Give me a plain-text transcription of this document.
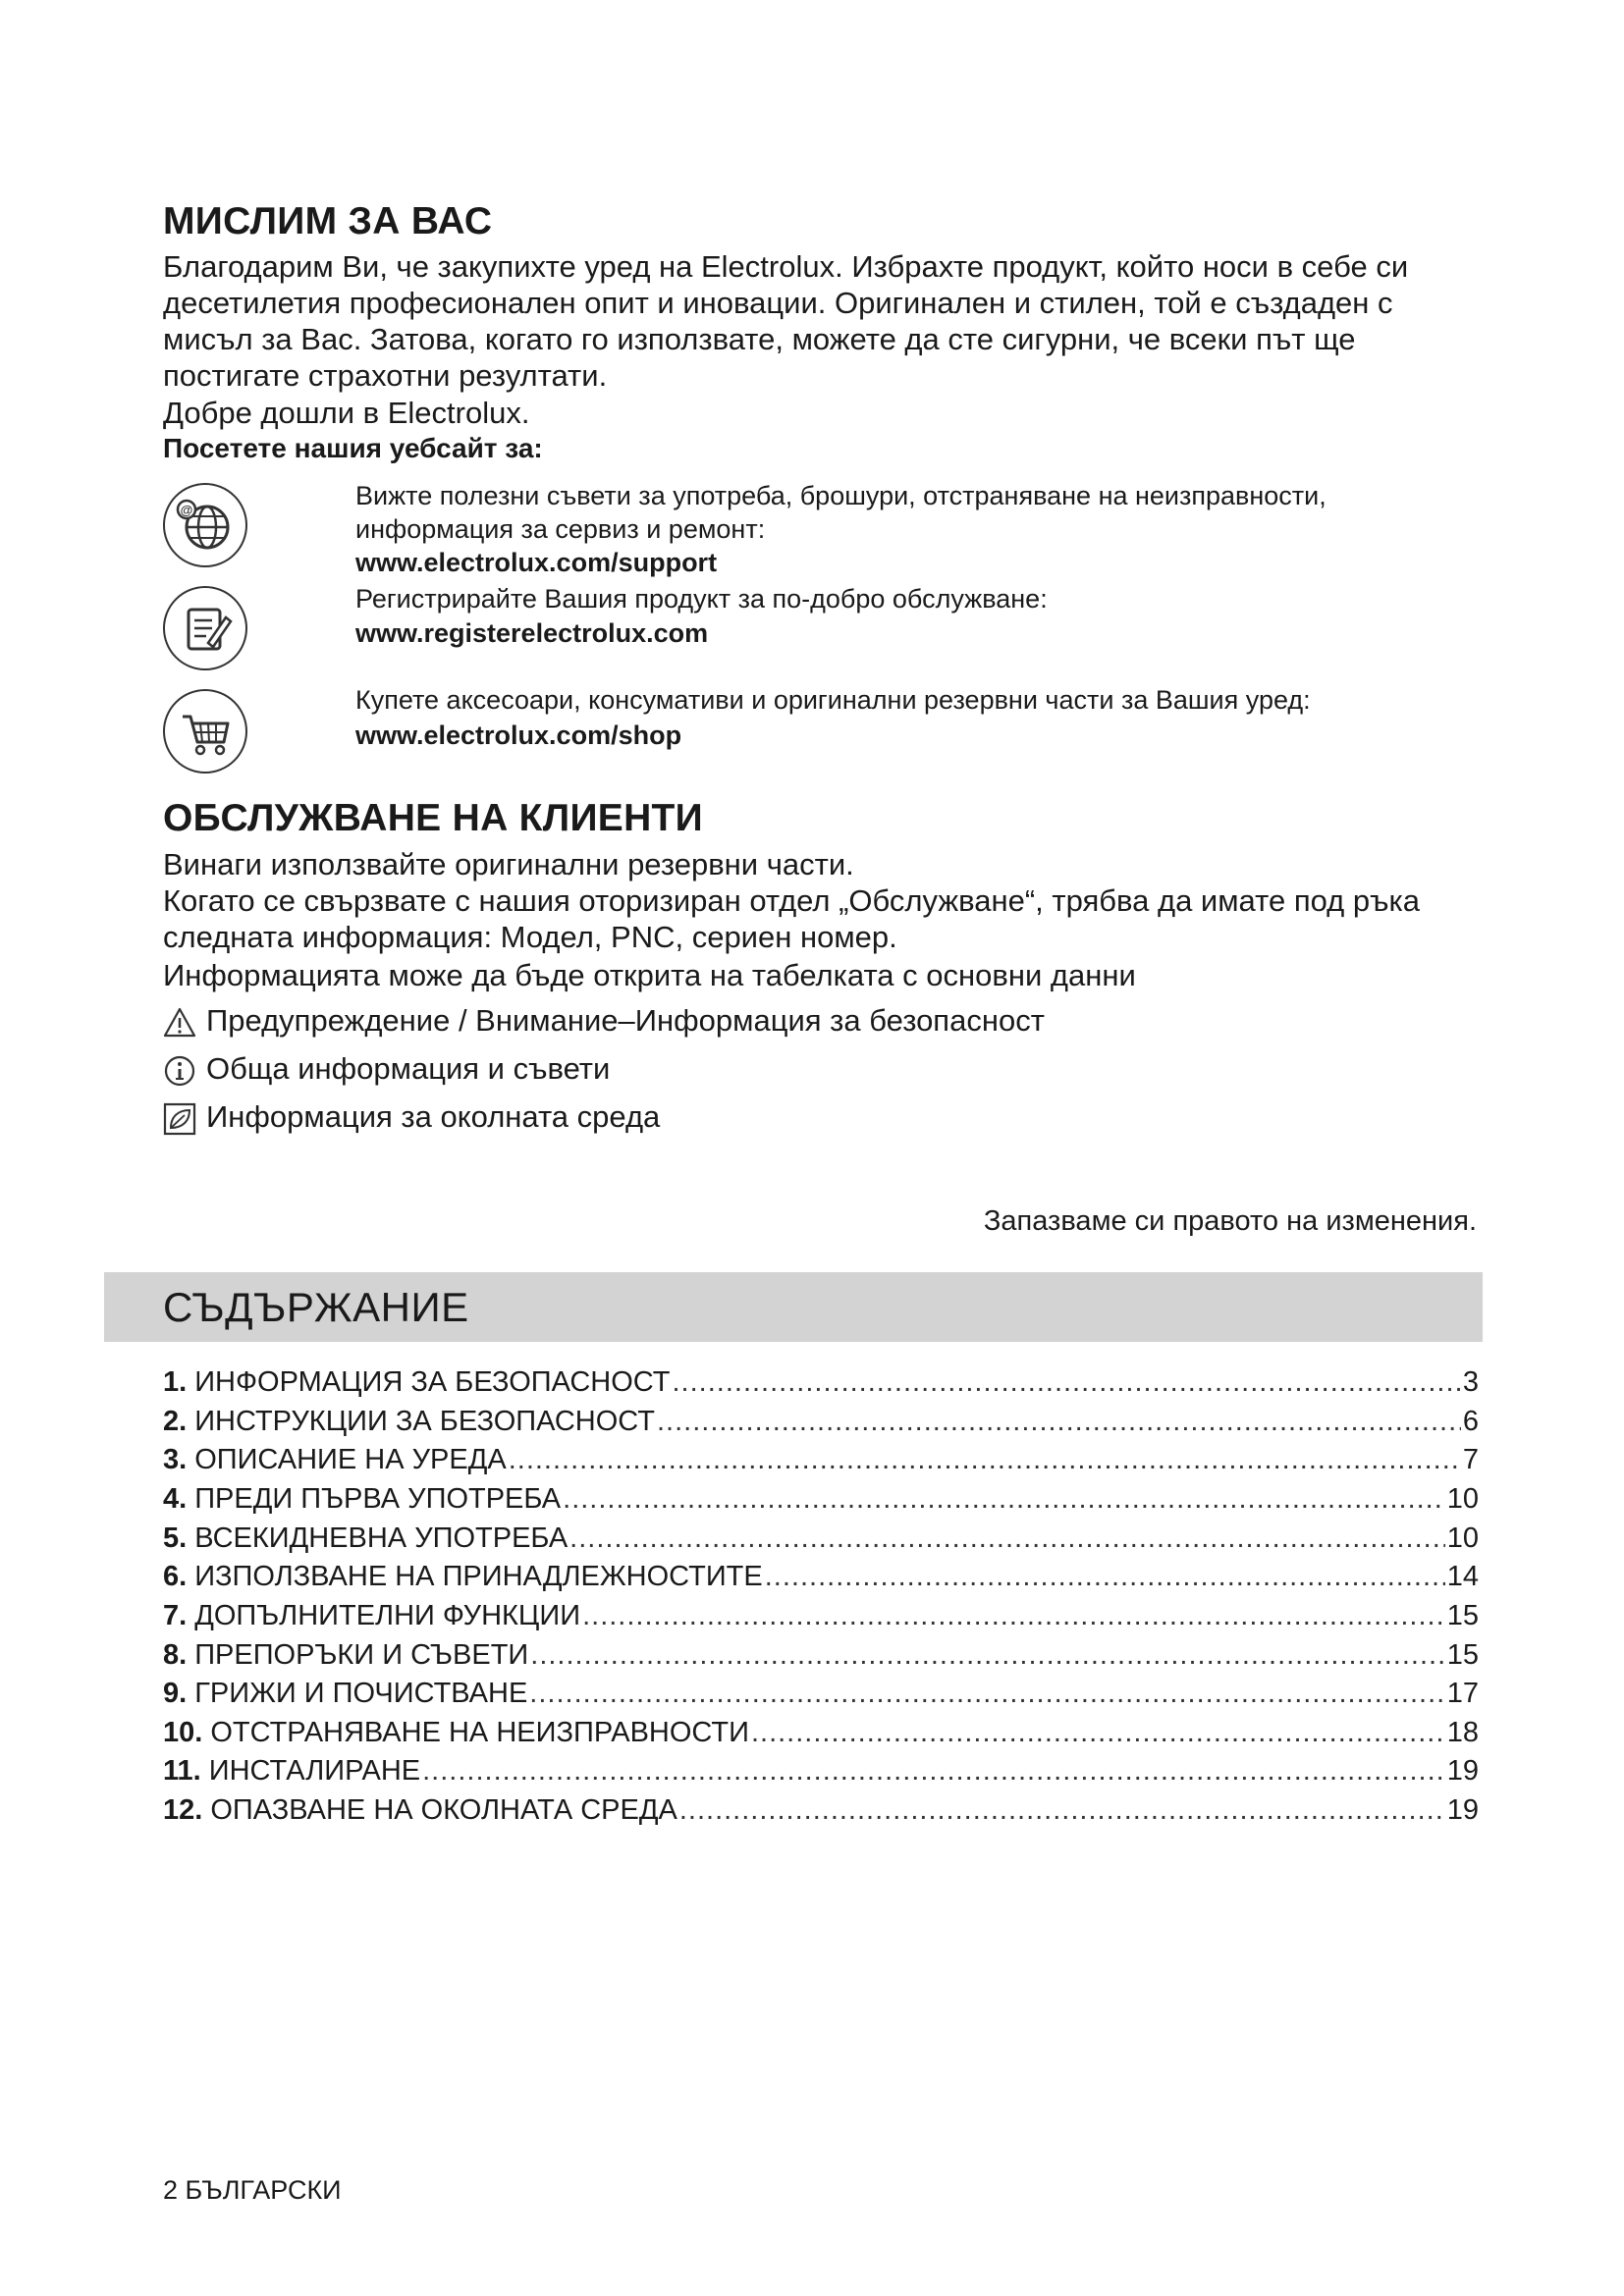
МИСЛИМ ЗА ВАС
Благодарим Ви, че закупихте уред на Electrolux. Избрахте продукт, който носи в себе си десетилетия професионален опит и иновации. Оригинален и стилен, той е създаден с мисъл за Вас. Затова, когато го използвате, можете да сте сигурни, че всеки път ще постигате страхотни резултати.
Добре дошли в Electrolux.
Посетете нашия уебсайт за:
@	Вижте полезни съвети за употреба, брошури, отстраняване на неизправности, информация за сервиз и ремонт:
www.electrolux.com/support
Регистрирайте Вашия продукт за по-добро обслужване:
www.registerelectrolux.com
Купете аксесоари, консумативи и оригинални резервни части за Вашия уред:
www.electrolux.com/shop
ОБСЛУЖВАНЕ НА КЛИЕНТИ
Винаги използвайте оригинални резервни части.
Когато се свързвате с нашия оторизиран отдел „Обслужване“, трябва да имате под ръка следната информация: Модел, PNC, сериен номер.
Информацията може да бъде открита на табелката с основни данни
Предупреждение / Внимание–Информация за безопасност
Обща информация и съвети
Информация за околната среда
Запазваме си правото на изменения.
СЪДЪРЖАНИЕ
1. ИНФОРМАЦИЯ ЗА БЕЗОПАСНОСТ .....	3
2. ИНСТРУКЦИИ ЗА БЕЗОПАСНОСТ .....	6
3. ОПИСАНИЕ НА УРЕДА .....	7
4. ПРЕДИ ПЪРВА УПОТРЕБА .....	10
5. ВСЕКИДНЕВНА УПОТРЕБА .....	10
6. ИЗПОЛЗВАНЕ НА ПРИНАДЛЕЖНОСТИТЕ .....	14
7. ДОПЪЛНИТЕЛНИ ФУНКЦИИ .....	15
8. ПРЕПОРЪКИ И СЪВЕТИ .....	15
9. ГРИЖИ И ПОЧИСТВАНЕ .....	17
10. ОТСТРАНЯВАНЕ НА НЕИЗПРАВНОСТИ .....	18
11. ИНСТАЛИРАНЕ .....	19
12. ОПАЗВАНЕ НА ОКОЛНАТА СРЕДА .....	19
2 БЪЛГАРСКИ
